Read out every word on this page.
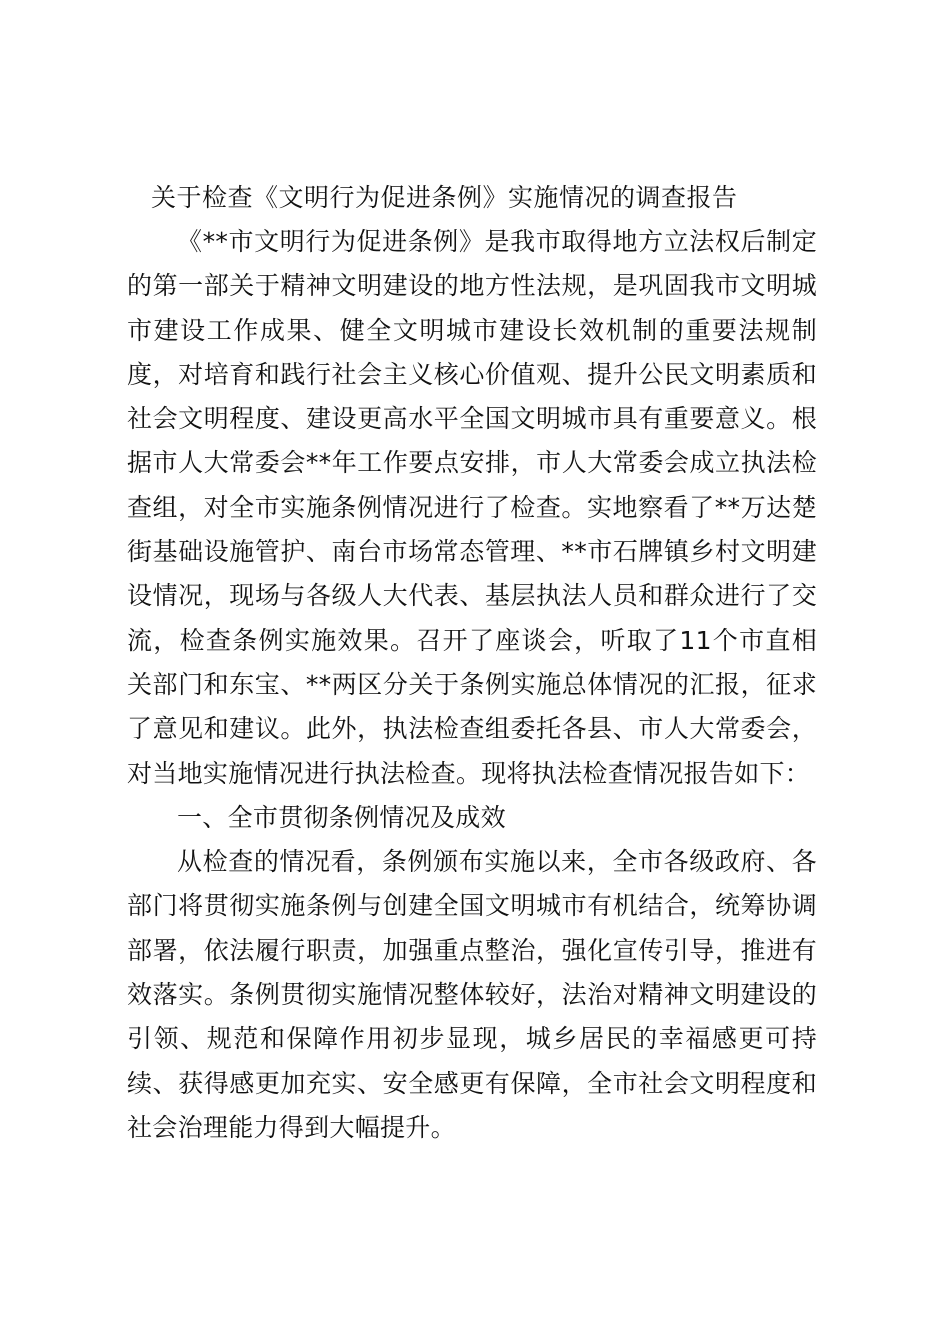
关于检查《文明行为促进条例》实施情况的调查报告

《**市文明行为促进条例》是我市取得地方立法权后制定的第一部关于精神文明建设的地方性法规，是巩固我市文明城市建设工作成果、健全文明城市建设长效机制的重要法规制度，对培育和践行社会主义核心价值观、提升公民文明素质和社会文明程度、建设更高水平全国文明城市具有重要意义。根据市人大常委会**年工作要点安排，市人大常委会成立执法检查组，对全市实施条例情况进行了检查。实地察看了**万达楚街基础设施管护、南台市场常态管理、**市石牌镇乡村文明建设情况，现场与各级人大代表、基层执法人员和群众进行了交流，检查条例实施效果。召开了座谈会，听取了11个市直相关部门和东宝、**两区分关于条例实施总体情况的汇报，征求了意见和建议。此外，执法检查组委托各县、市人大常委会，对当地实施情况进行执法检查。现将执法检查情况报告如下：

一、全市贯彻条例情况及成效

从检查的情况看，条例颁布实施以来，全市各级政府、各部门将贯彻实施条例与创建全国文明城市有机结合，统筹协调部署，依法履行职责，加强重点整治，强化宣传引导，推进有效落实。条例贯彻实施情况整体较好，法治对精神文明建设的引领、规范和保障作用初步显现，城乡居民的幸福感更可持续、获得感更加充实、安全感更有保障，全市社会文明程度和社会治理能力得到大幅提升。
